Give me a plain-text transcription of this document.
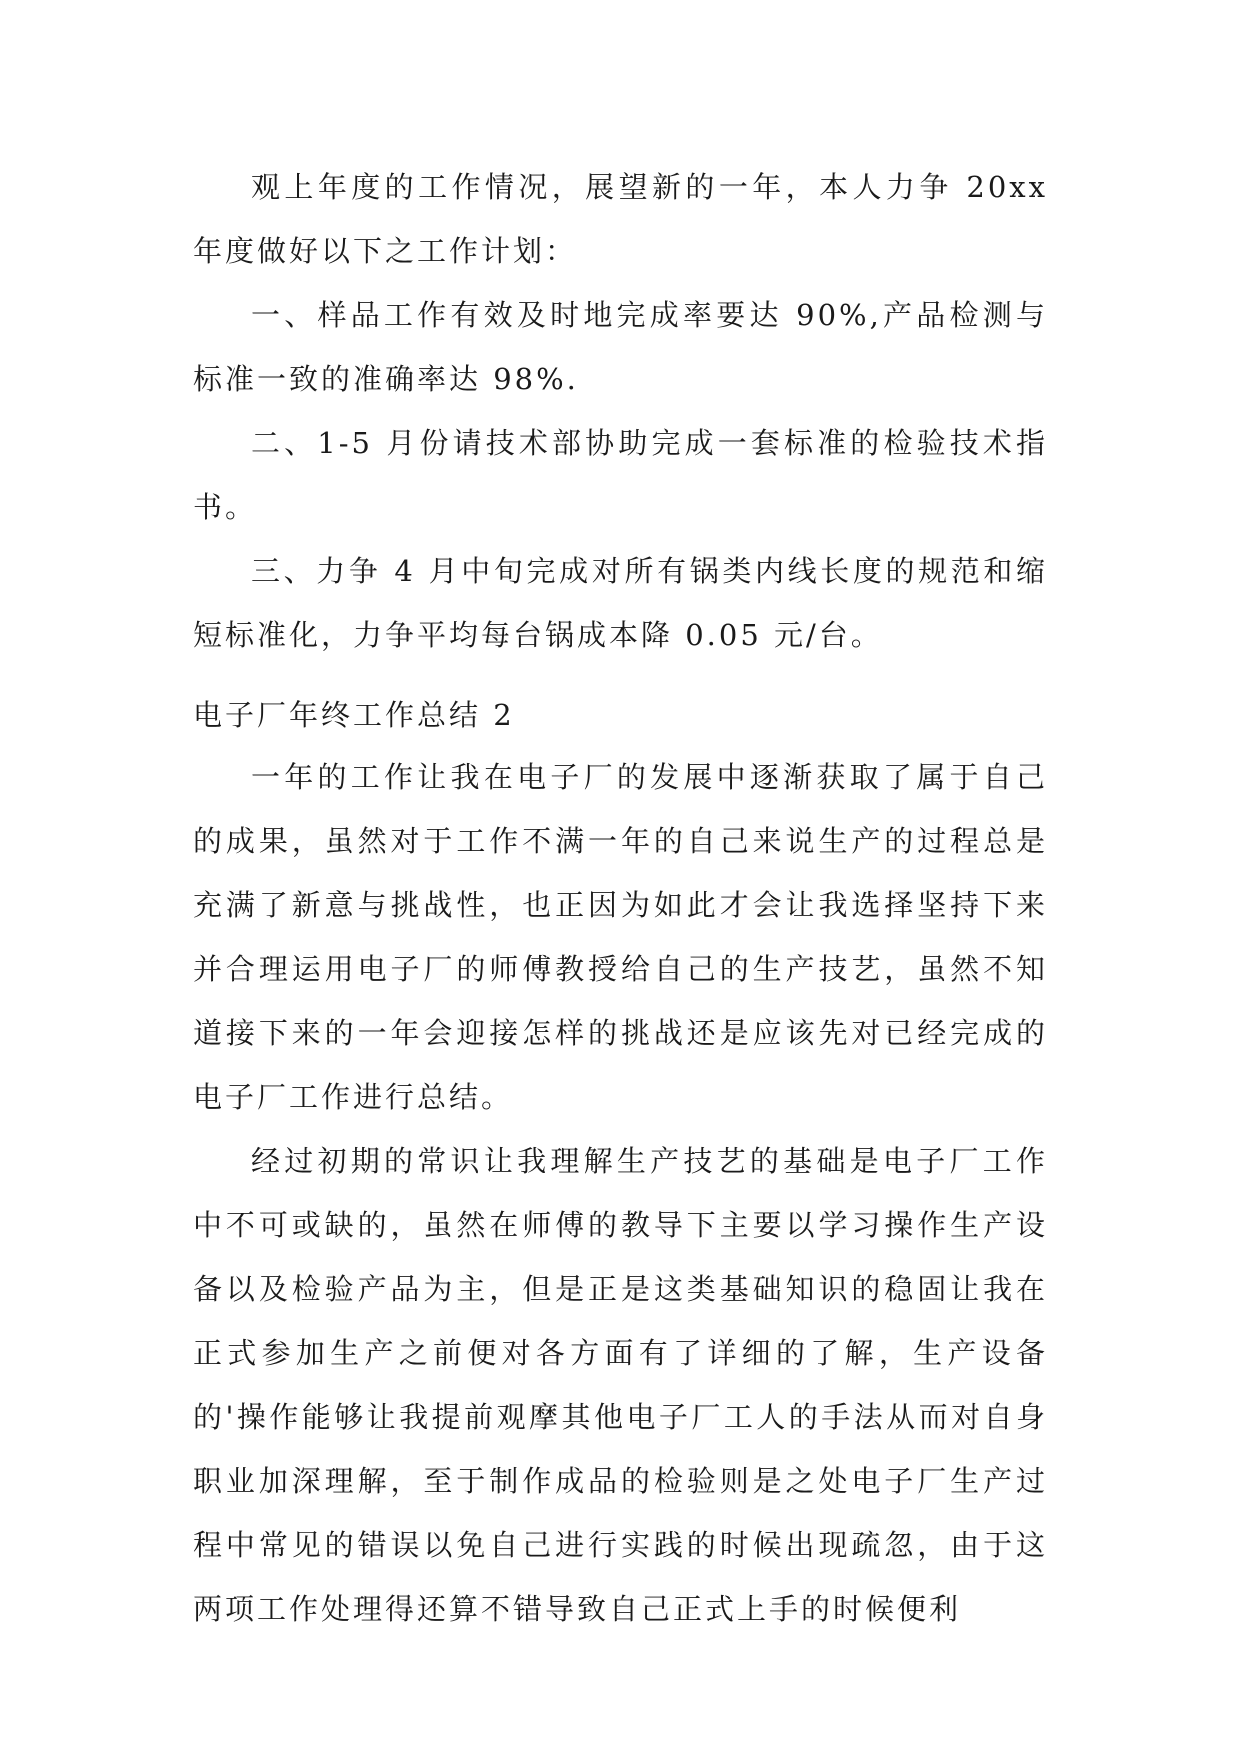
观上年度的工作情况，展望新的一年，本人力争 20xx 年度做好以下之工作计划：

一、样品工作有效及时地完成率要达 90%,产品检测与标准一致的准确率达 98%.

二、1-5 月份请技术部协助完成一套标准的检验技术指书。

三、力争 4 月中旬完成对所有锅类内线长度的规范和缩短标准化，力争平均每台锅成本降 0.05 元/台。

电子厂年终工作总结 2

一年的工作让我在电子厂的发展中逐渐获取了属于自己的成果，虽然对于工作不满一年的自己来说生产的过程总是充满了新意与挑战性，也正因为如此才会让我选择坚持下来并合理运用电子厂的师傅教授给自己的生产技艺，虽然不知道接下来的一年会迎接怎样的挑战还是应该先对已经完成的电子厂工作进行总结。

经过初期的常识让我理解生产技艺的基础是电子厂工作中不可或缺的，虽然在师傅的教导下主要以学习操作生产设备以及检验产品为主，但是正是这类基础知识的稳固让我在正式参加生产之前便对各方面有了详细的了解，生产设备的'操作能够让我提前观摩其他电子厂工人的手法从而对自身职业加深理解，至于制作成品的检验则是之处电子厂生产过程中常见的错误以免自己进行实践的时候出现疏忽，由于这两项工作处理得还算不错导致自己正式上手的时候便利
